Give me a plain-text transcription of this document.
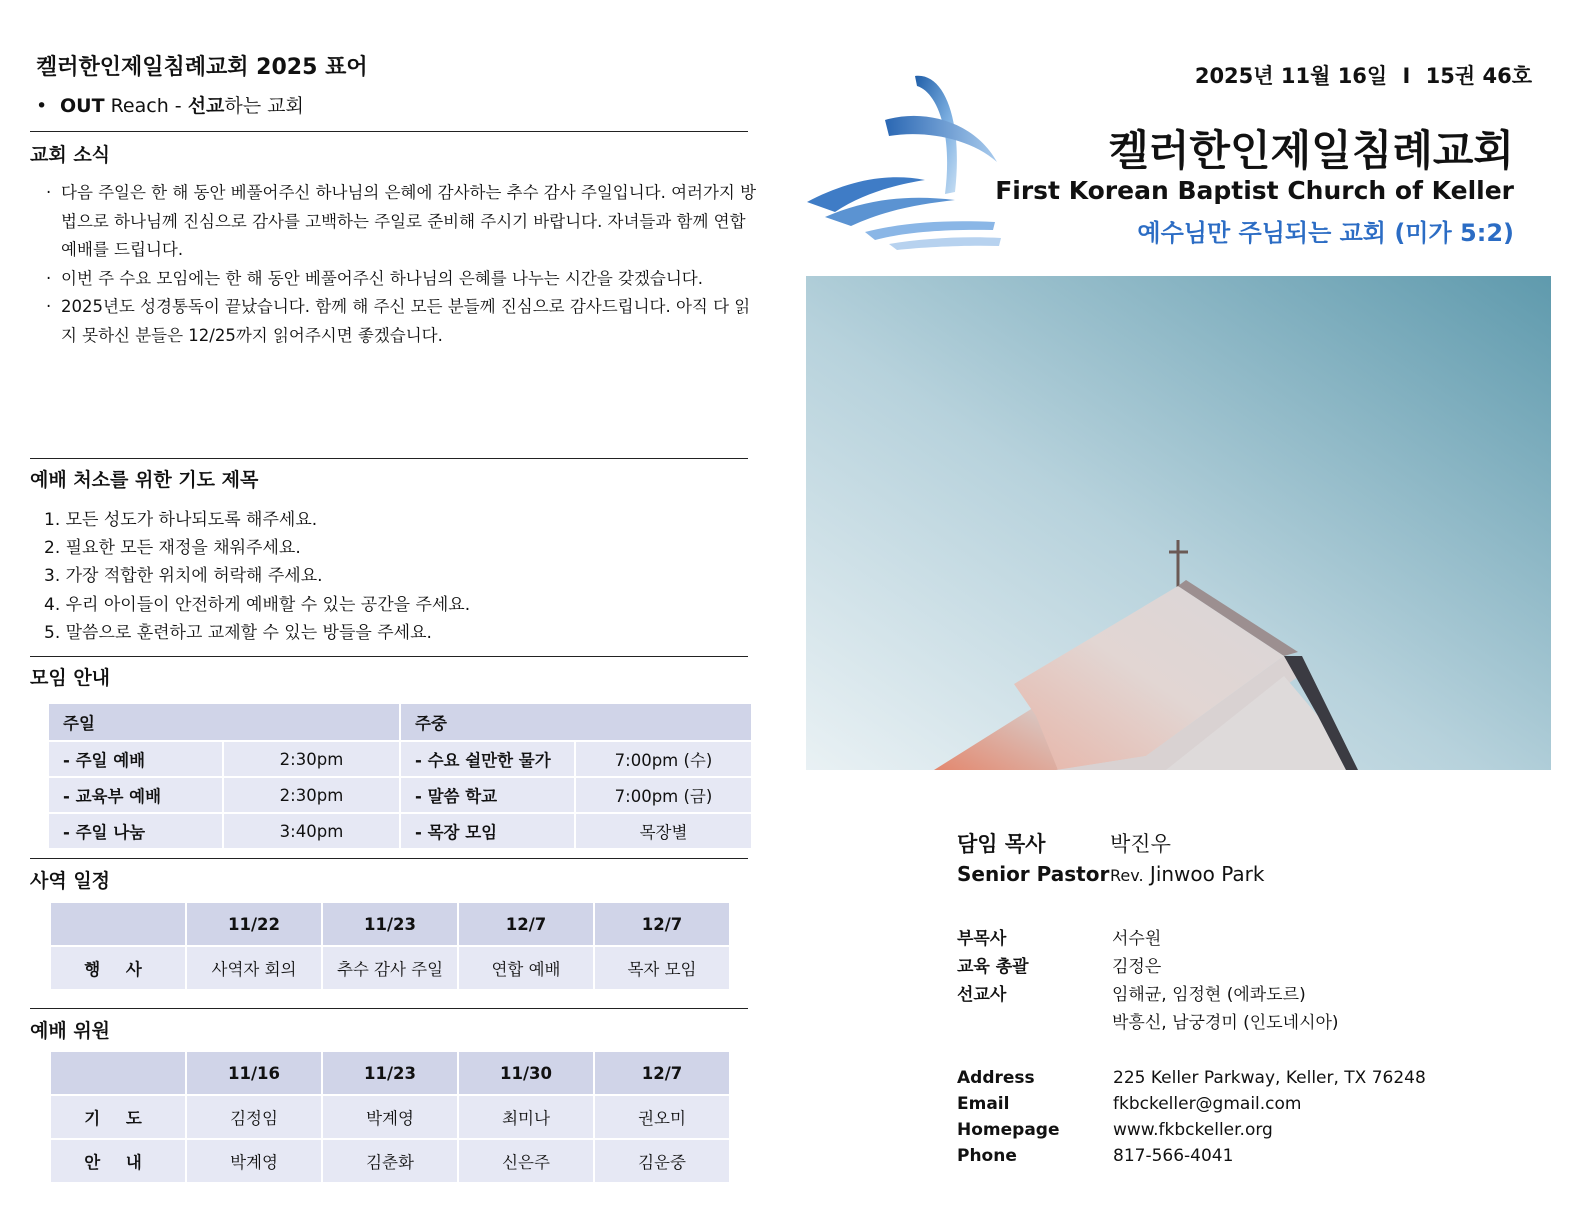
켈러한인제일침례교회 2025 표어
• OUT Reach - 선교하는 교회
교회 소식
· 다음 주일은 한 해 동안 베풀어주신 하나님의 은혜에 감사하는 추수 감사 주일입니다. 여러가지 방법으로 하나님께 진심으로 감사를 고백하는 주일로 준비해 주시기 바랍니다. 자녀들과 함께 연합 예배를 드립니다.
· 이번 주 수요 모임에는 한 해 동안 베풀어주신 하나님의 은혜를 나누는 시간을 갖겠습니다.
· 2025년도 성경통독이 끝났습니다. 함께 해 주신 모든 분들께 진심으로 감사드립니다. 아직 다 읽지 못하신 분들은 12/25까지 읽어주시면 좋겠습니다.
예배 처소를 위한 기도 제목
1. 모든 성도가 하나되도록 해주세요.
2. 필요한 모든 재정을 채워주세요.
3. 가장 적합한 위치에 허락해 주세요.
4. 우리 아이들이 안전하게 예배할 수 있는 공간을 주세요.
5. 말씀으로 훈련하고 교제할 수 있는 방들을 주세요.
모임 안내
주일		주중	
- 주일 예배	2:30pm	- 수요 쉴만한 물가	7:00pm (수)
- 교육부 예배	2:30pm	- 말씀 학교	7:00pm (금)
- 주일 나눔	3:40pm	- 목장 모임	목장별
사역 일정
	11/22	11/23	12/7	12/7
행 사	사역자 회의	추수 감사 주일	연합 예배	목자 모임
예배 위원
	11/16	11/23	11/30	12/7
기 도	김정임	박계영	최미나	권오미
안 내	박계영	김춘화	신은주	김운중
2025년 11월 16일 I 15권 46호
켈러한인제일침례교회
First Korean Baptist Church of Keller
예수님만 주님되는 교회 (미가 5:2)
담임 목사	박진우
Senior Pastor Rev. Jinwoo Park
부목사	서수원
교육 총괄	김정은
선교사	임해균, 임정현 (에콰도르)
박흥신, 남궁경미 (인도네시아)
Address	225 Keller Parkway, Keller, TX 76248
Email	fkbckeller@gmail.com
Homepage	www.fkbckeller.org
Phone	817-566-4041
